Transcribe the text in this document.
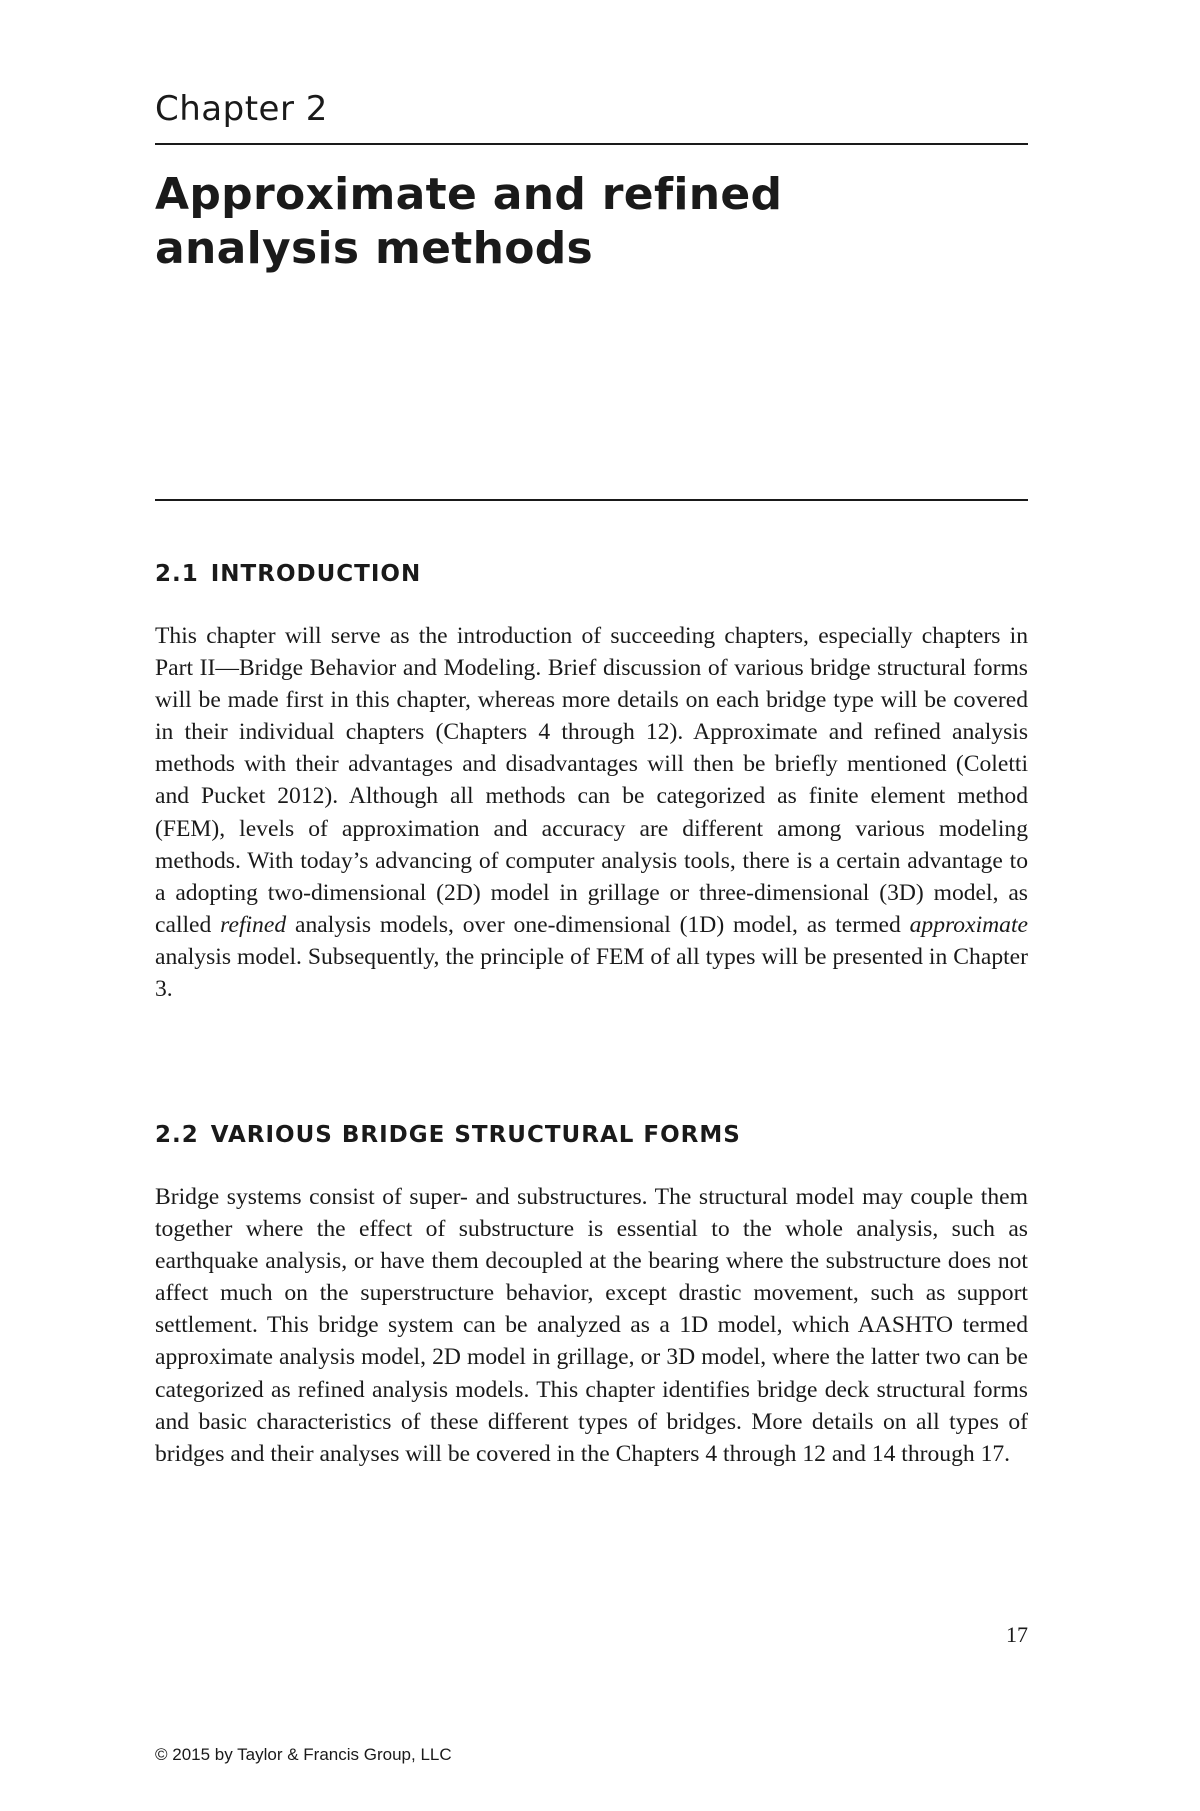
Chapter 2
Approximate and refined
analysis methods
2.1 INTRODUCTION

This chapter will serve as the introduction of succeeding chapters, especially chapters in Part II—Bridge Behavior and Modeling. Brief discussion of various bridge structural forms will be made first in this chapter, whereas more details on each bridge type will be covered in their individual chapters (Chapters 4 through 12). Approximate and refined analysis methods with their advantages and disadvantages will then be briefly mentioned (Coletti and Pucket 2012). Although all methods can be categorized as finite element method (FEM), levels of approximation and accuracy are different among various modeling methods. With today’s advancing of computer analysis tools, there is a certain advantage to a adopting two-dimensional (2D) model in grillage or three-dimensional (3D) model, as called refined analysis models, over one-dimensional (1D) model, as termed approximate analysis model. Subsequently, the principle of FEM of all types will be presented in Chapter 3.

2.2 VARIOUS BRIDGE STRUCTURAL FORMS

Bridge systems consist of super- and substructures. The structural model may couple them together where the effect of substructure is essential to the whole analysis, such as earthquake analysis, or have them decoupled at the bearing where the substructure does not affect much on the superstructure behavior, except drastic movement, such as support settlement. This bridge system can be analyzed as a 1D model, which AASHTO termed approximate analysis model, 2D model in grillage, or 3D model, where the latter two can be categorized as refined analysis models. This chapter identifies bridge deck structural forms and basic characteristics of these different types of bridges. More details on all types of bridges and their analyses will be covered in the Chapters 4 through 12 and 14 through 17.

17
© 2015 by Taylor & Francis Group, LLC
